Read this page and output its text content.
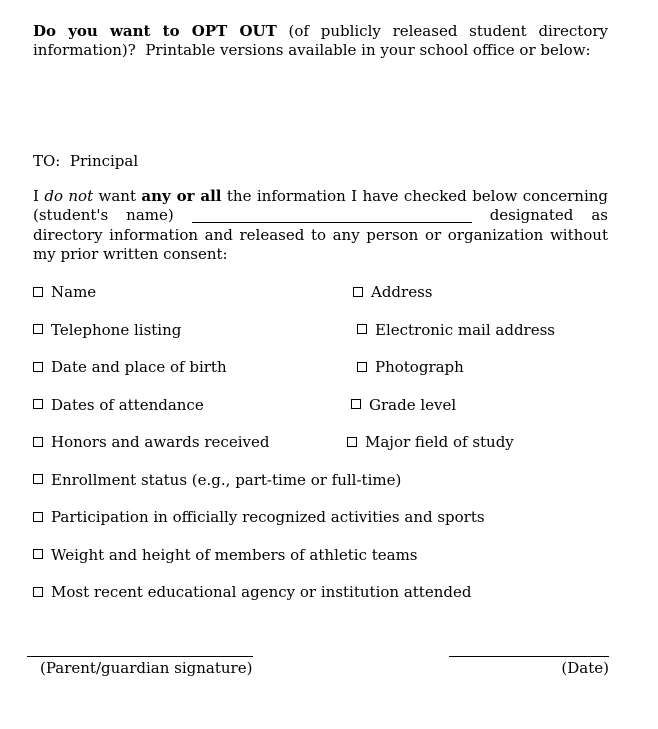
Do you want to OPT OUT (of publicly released student directory
information)?  Printable versions available in your school office or below:
TO:  Principal
I do not want any or all the information I have checked below concerning
(student's name)	designated as
directory information and released to any person or organization without
my prior written consent:
Name	Address
Telephone listing	Electronic mail address
Date and place of birth	Photograph
Dates of attendance	Grade level
Honors and awards received	Major field of study
Enrollment status (e.g., part-time or full-time)
Participation in officially recognized activities and sports
Weight and height of members of athletic teams
Most recent educational agency or institution attended
(Parent/guardian signature)	(Date)
